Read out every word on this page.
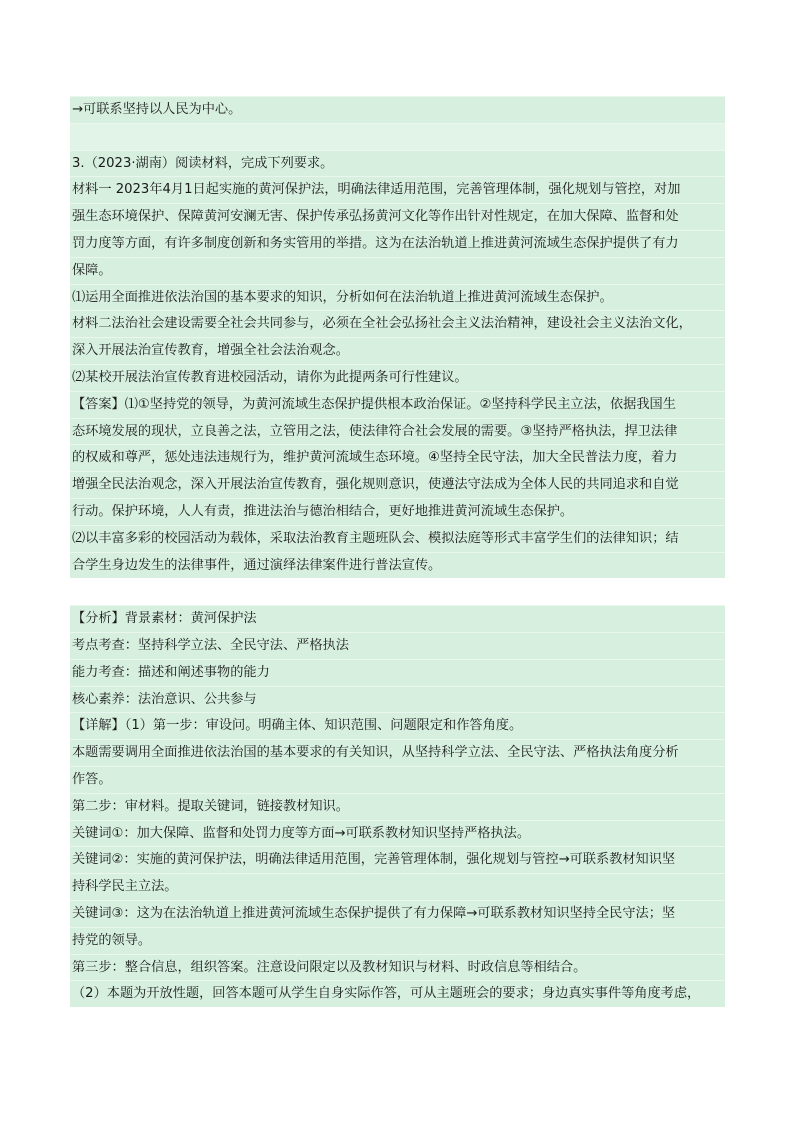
→可联系坚持以人民为中心。
3.（2023·湖南）阅读材料，完成下列要求。
材料一 2023年4月1日起实施的黄河保护法，明确法律适用范围，完善管理体制，强化规划与管控，对加
强生态环境保护、保障黄河安澜无害、保护传承弘扬黄河文化等作出针对性规定，在加大保障、监督和处
罚力度等方面，有许多制度创新和务实管用的举措。这为在法治轨道上推进黄河流域生态保护提供了有力
保障。
⑴运用全面推进依法治国的基本要求的知识，分析如何在法治轨道上推进黄河流域生态保护。
材料二法治社会建设需要全社会共同参与，必须在全社会弘扬社会主义法治精神，建设社会主义法治文化，
深入开展法治宣传教育，增强全社会法治观念。
⑵某校开展法治宣传教育进校园活动，请你为此提两条可行性建议。
【答案】⑴①坚持党的领导，为黄河流域生态保护提供根本政治保证。②坚持科学民主立法，依据我国生
态环境发展的现状，立良善之法，立管用之法，使法律符合社会发展的需要。③坚持严格执法，捍卫法律
的权威和尊严，惩处违法违规行为，维护黄河流域生态环境。④坚持全民守法，加大全民普法力度，着力
增强全民法治观念，深入开展法治宣传教育，强化规则意识，使遵法守法成为全体人民的共同追求和自觉
行动。保护环境，人人有责，推进法治与德治相结合，更好地推进黄河流域生态保护。
⑵以丰富多彩的校园活动为载体，采取法治教育主题班队会、模拟法庭等形式丰富学生们的法律知识；结
合学生身边发生的法律事件，通过演绎法律案件进行普法宣传。
【分析】背景素材：黄河保护法
考点考查：坚持科学立法、全民守法、严格执法
能力考查：描述和阐述事物的能力
核心素养：法治意识、公共参与
【详解】（1）第一步：审设问。明确主体、知识范围、问题限定和作答角度。
本题需要调用全面推进依法治国的基本要求的有关知识，从坚持科学立法、全民守法、严格执法角度分析
作答。
第二步：审材料。提取关键词，链接教材知识。
关键词①：加大保障、监督和处罚力度等方面→可联系教材知识坚持严格执法。
关键词②：实施的黄河保护法，明确法律适用范围，完善管理体制，强化规划与管控→可联系教材知识坚
持科学民主立法。
关键词③：这为在法治轨道上推进黄河流域生态保护提供了有力保障→可联系教材知识坚持全民守法；坚
持党的领导。
第三步：整合信息，组织答案。注意设问限定以及教材知识与材料、时政信息等相结合。
（2）本题为开放性题，回答本题可从学生自身实际作答，可从主题班会的要求；身边真实事件等角度考虑，
